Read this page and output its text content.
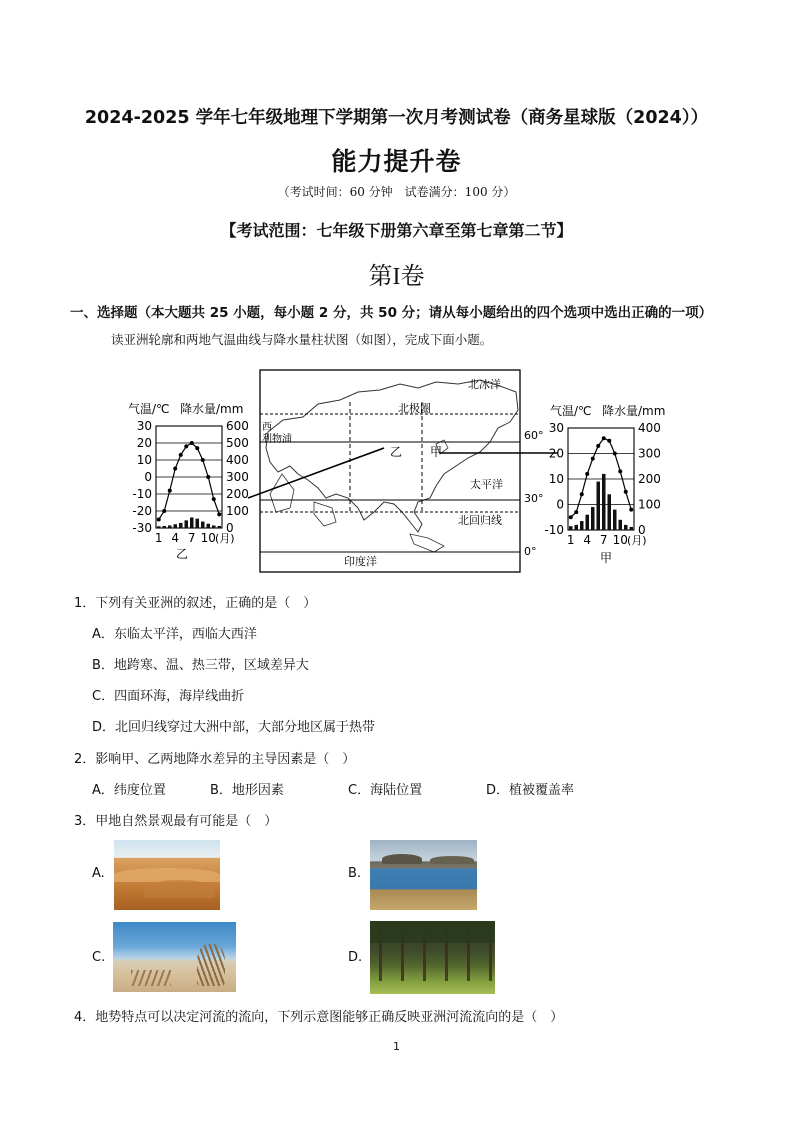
2024-2025 学年七年级地理下学期第一次月考测试卷（商务星球版（2024））
能力提升卷
（考试时间：60 分钟　试卷满分：100 分）
【考试范围：七年级下册第六章至第七章第二节】
第I卷
一、选择题（本大题共 25 小题，每小题 2 分，共 50 分；请从每小题给出的四个选项中选出正确的一项）
读亚洲轮廓和两地气温曲线与降水量柱状图（如图），完成下面小题。
气温/℃ 降水量/mm
30
20
10
0
-10
-20
-30
600
500
400
300
200
100
0
1 4 7 10 (月)
乙
北冰洋
北极圈
西
利物浦
乙 甲
太平洋
北回归线
印度洋
60°
30°
0°
气温/℃ 降水量/mm
30
20
10
0
-10
400
300
200
100
0
1 4 7 10 (月)
甲
1．下列有关亚洲的叙述，正确的是（　）
A．东临太平洋，西临大西洋
B．地跨寒、温、热三带，区域差异大
C．四面环海，海岸线曲折
D．北回归线穿过大洲中部，大部分地区属于热带
2．影响甲、乙两地降水差异的主导因素是（　）
A．纬度位置	B．地形因素	C．海陆位置	D．植被覆盖率
3．甲地自然景观最有可能是（　）
A.	B.
C.	D.
4．地势特点可以决定河流的流向，下列示意图能够正确反映亚洲河流流向的是（　）
1
